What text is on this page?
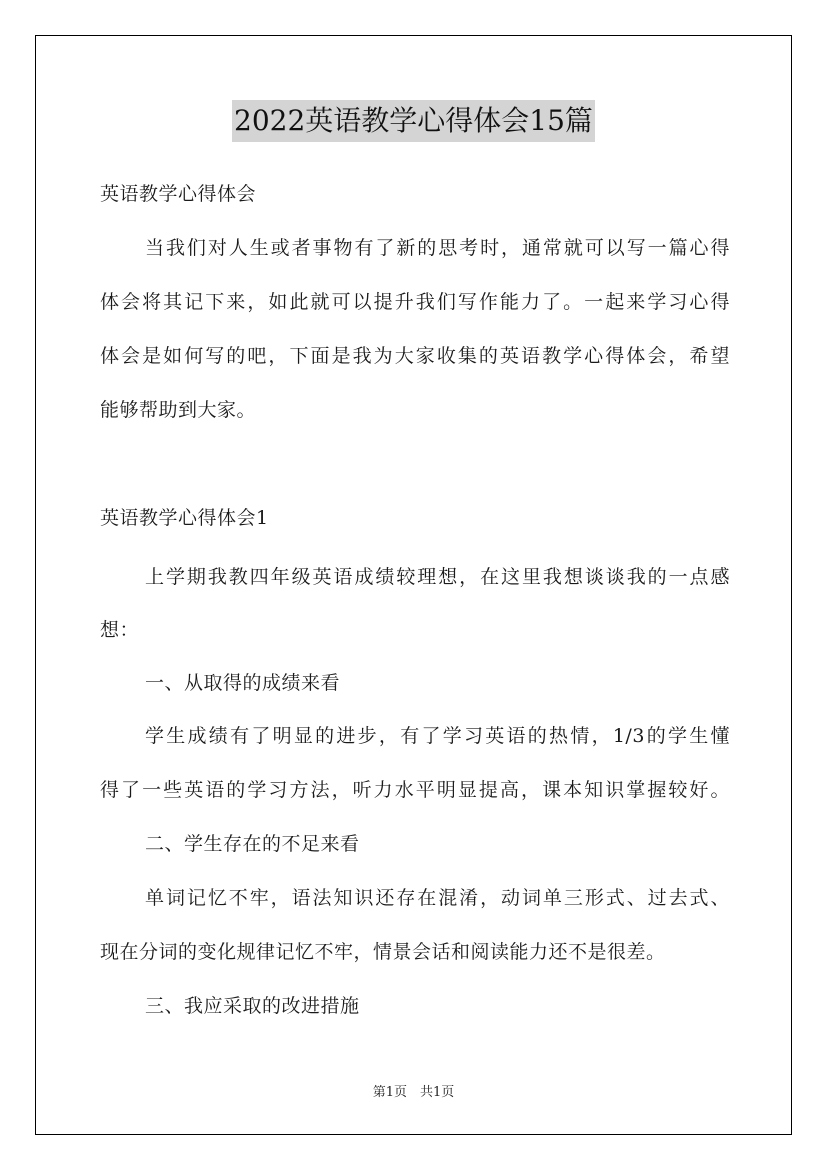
2022英语教学心得体会15篇

英语教学心得体会

当我们对人生或者事物有了新的思考时，通常就可以写一篇心得

体会将其记下来，如此就可以提升我们写作能力了。一起来学习心得

体会是如何写的吧，下面是我为大家收集的英语教学心得体会，希望

能够帮助到大家。

英语教学心得体会1

上学期我教四年级英语成绩较理想，在这里我想谈谈我的一点感

想：

一、从取得的成绩来看

学生成绩有了明显的进步，有了学习英语的热情，1/3的学生懂

得了一些英语的学习方法，听力水平明显提高，课本知识掌握较好。

二、学生存在的不足来看

单词记忆不牢，语法知识还存在混淆，动词单三形式、过去式、

现在分词的变化规律记忆不牢，情景会话和阅读能力还不是很差。

三、我应采取的改进措施

第1页　共1页
